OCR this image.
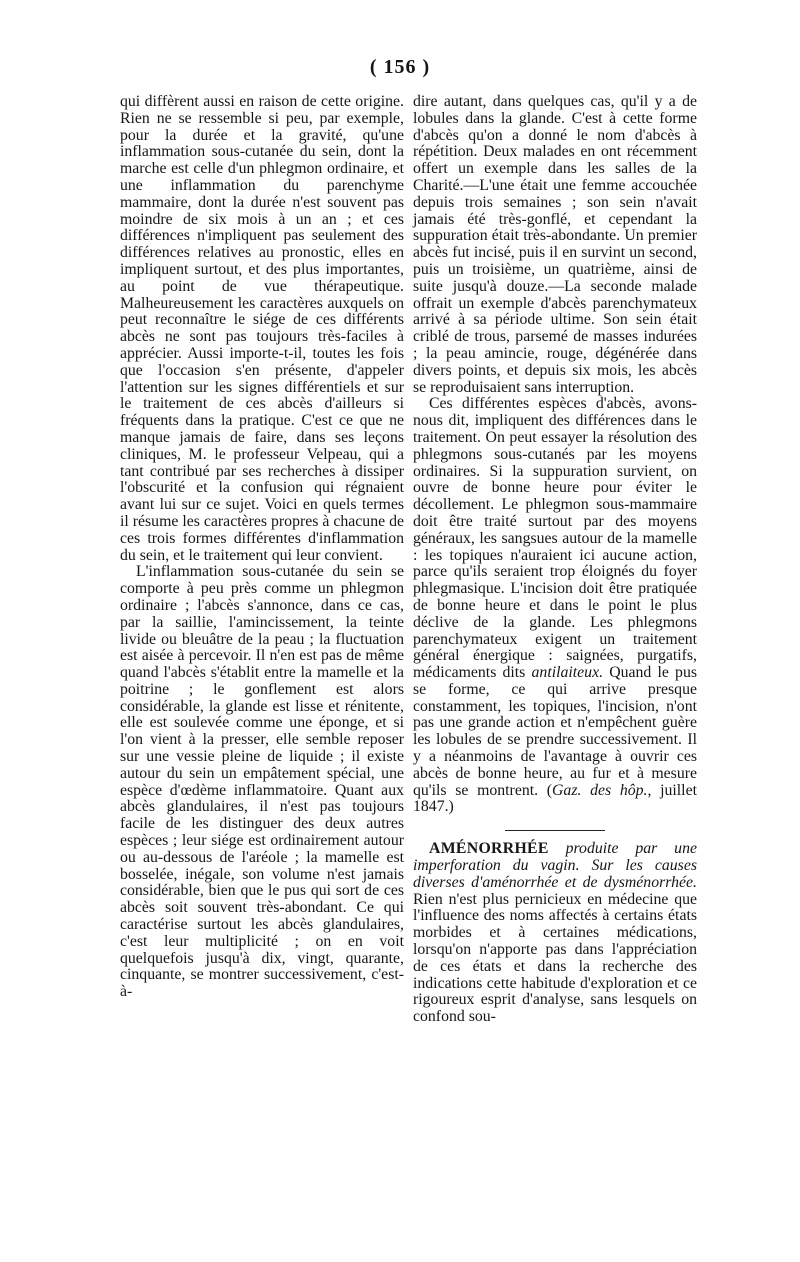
( 156 )

qui diffèrent aussi en raison de cette origine. Rien ne se ressemble si peu, par exemple, pour la durée et la gravité, qu'une inflammation sous-cutanée du sein, dont la marche est celle d'un phlegmon ordinaire, et une inflammation du parenchyme mammaire, dont la durée n'est souvent pas moindre de six mois à un an ; et ces différences n'impliquent pas seulement des différences relatives au pronostic, elles en impliquent surtout, et des plus importantes, au point de vue thérapeutique. Malheureusement les caractères auxquels on peut reconnaître le siége de ces différents abcès ne sont pas toujours très-faciles à apprécier. Aussi importe-t-il, toutes les fois que l'occasion s'en présente, d'appeler l'attention sur les signes différentiels et sur le traitement de ces abcès d'ailleurs si fréquents dans la pratique. C'est ce que ne manque jamais de faire, dans ses leçons cliniques, M. le professeur Velpeau, qui a tant contribué par ses recherches à dissiper l'obscurité et la confusion qui régnaient avant lui sur ce sujet. Voici en quels termes il résume les caractères propres à chacune de ces trois formes différentes d'inflammation du sein, et le traitement qui leur convient.

L'inflammation sous-cutanée du sein se comporte à peu près comme un phlegmon ordinaire ; l'abcès s'annonce, dans ce cas, par la saillie, l'amincissement, la teinte livide ou bleuâtre de la peau ; la fluctuation est aisée à percevoir. Il n'en est pas de même quand l'abcès s'établit entre la mamelle et la poitrine ; le gonflement est alors considérable, la glande est lisse et rénitente, elle est soulevée comme une éponge, et si l'on vient à la presser, elle semble reposer sur une vessie pleine de liquide ; il existe autour du sein un empâtement spécial, une espèce d'œdème inflammatoire. Quant aux abcès glandulaires, il n'est pas toujours facile de les distinguer des deux autres espèces ; leur siége est ordinairement autour ou au-dessous de l'aréole ; la mamelle est bosselée, inégale, son volume n'est jamais considérable, bien que le pus qui sort de ces abcès soit souvent très-abondant. Ce qui caractérise surtout les abcès glandulaires, c'est leur multiplicité ; on en voit quelquefois jusqu'à dix, vingt, quarante, cinquante, se montrer successivement, c'est-à-

dire autant, dans quelques cas, qu'il y a de lobules dans la glande. C'est à cette forme d'abcès qu'on a donné le nom d'abcès à répétition. Deux malades en ont récemment offert un exemple dans les salles de la Charité.—L'une était une femme accouchée depuis trois semaines ; son sein n'avait jamais été très-gonflé, et cependant la suppuration était très-abondante. Un premier abcès fut incisé, puis il en survint un second, puis un troisième, un quatrième, ainsi de suite jusqu'à douze.—La seconde malade offrait un exemple d'abcès parenchymateux arrivé à sa période ultime. Son sein était criblé de trous, parsemé de masses indurées ; la peau amincie, rouge, dégénérée dans divers points, et depuis six mois, les abcès se reproduisaient sans interruption.

Ces différentes espèces d'abcès, avons-nous dit, impliquent des différences dans le traitement. On peut essayer la résolution des phlegmons sous-cutanés par les moyens ordinaires. Si la suppuration survient, on ouvre de bonne heure pour éviter le décollement. Le phlegmon sous-mammaire doit être traité surtout par des moyens généraux, les sangsues autour de la mamelle : les topiques n'auraient ici aucune action, parce qu'ils seraient trop éloignés du foyer phlegmasique. L'incision doit être pratiquée de bonne heure et dans le point le plus déclive de la glande. Les phlegmons parenchymateux exigent un traitement général énergique : saignées, purgatifs, médicaments dits antilaiteux. Quand le pus se forme, ce qui arrive presque constamment, les topiques, l'incision, n'ont pas une grande action et n'empêchent guère les lobules de se prendre successivement. Il y a néanmoins de l'avantage à ouvrir ces abcès de bonne heure, au fur et à mesure qu'ils se montrent. (Gaz. des hôp., juillet 1847.)

AMÉNORRHÉE produite par une imperforation du vagin. Sur les causes diverses d'aménorrhée et de dysménorrhée. Rien n'est plus pernicieux en médecine que l'influence des noms affectés à certains états morbides et à certaines médications, lorsqu'on n'apporte pas dans l'appréciation de ces états et dans la recherche des indications cette habitude d'exploration et ce rigoureux esprit d'analyse, sans lesquels on confond sou-
